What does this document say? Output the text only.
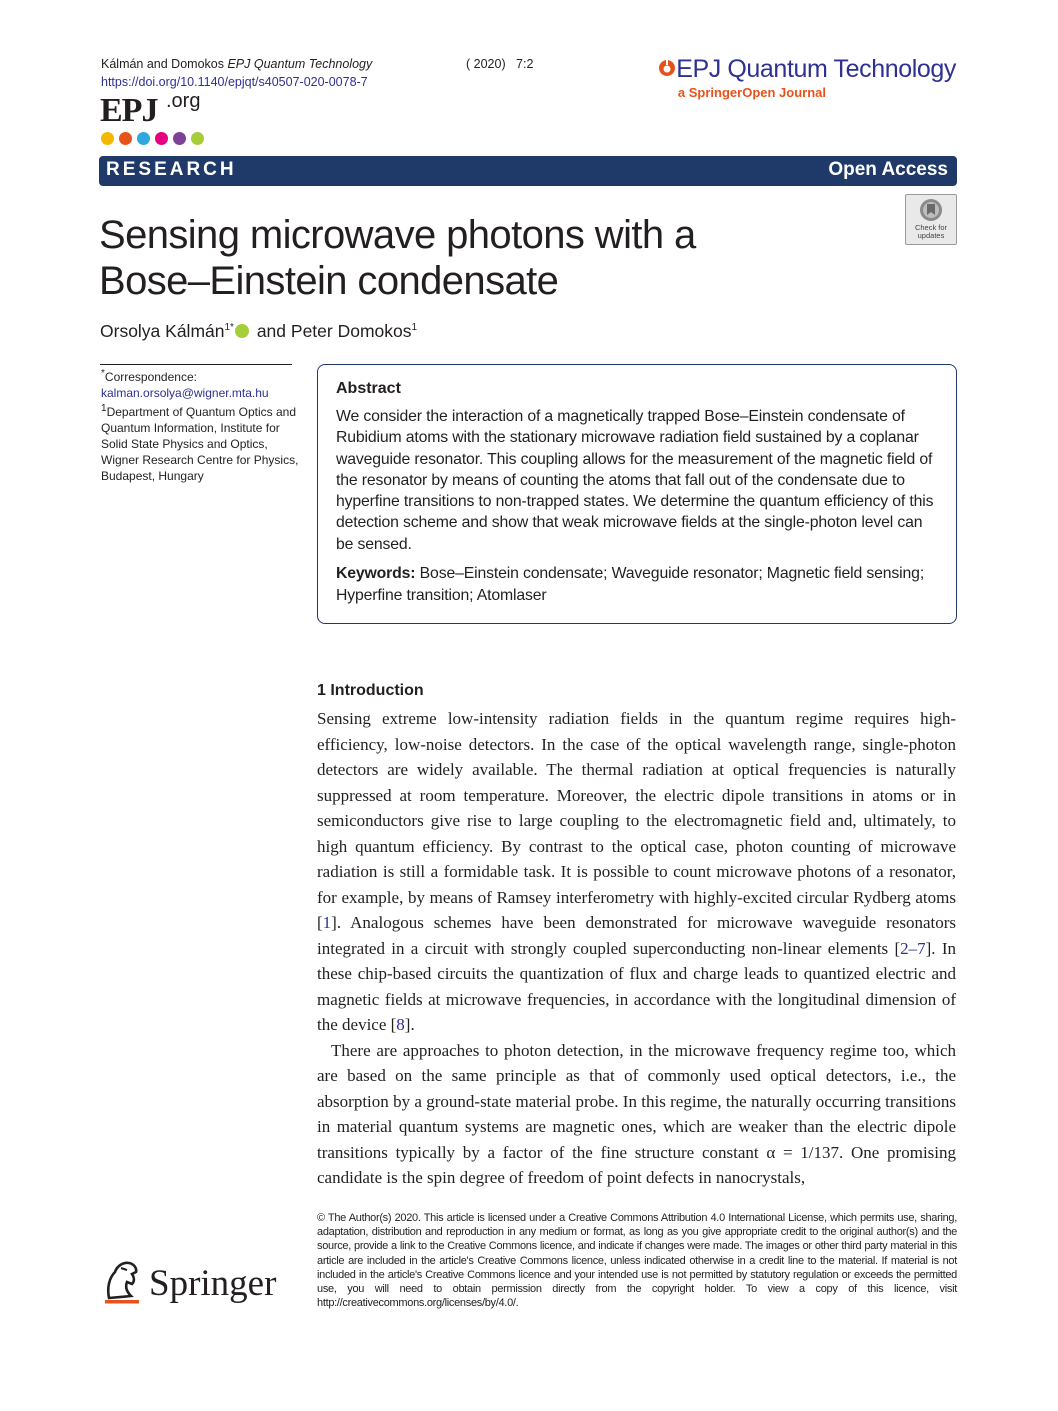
Kálmán and Domokos EPJ Quantum Technology	( 2020) 7:2
https://doi.org/10.1140/epjqt/s40507-020-0078-7
EPJ .org
EPJ Quantum Technology
a SpringerOpen Journal
RESEARCH	Open Access
Check for updates
Sensing microwave photons with a
Bose–Einstein condensate
Orsolya Kálmán$^{1*}$ and Peter Domokos$^1$
*Correspondence:
kalman.orsolya@wigner.mta.hu
$^1$Department of Quantum Optics and Quantum Information, Institute for Solid State Physics and Optics, Wigner Research Centre for Physics, Budapest, Hungary
Abstract
We consider the interaction of a magnetically trapped Bose–Einstein condensate of Rubidium atoms with the stationary microwave radiation field sustained by a coplanar waveguide resonator. This coupling allows for the measurement of the magnetic field of the resonator by means of counting the atoms that fall out of the condensate due to hyperfine transitions to non-trapped states. We determine the quantum efficiency of this detection scheme and show that weak microwave fields at the single-photon level can be sensed.
Keywords: Bose–Einstein condensate; Waveguide resonator; Magnetic field sensing; Hyperfine transition; Atomlaser
1 Introduction

Sensing extreme low-intensity radiation fields in the quantum regime requires high-efficiency, low-noise detectors. In the case of the optical wavelength range, single-photon detectors are widely available. The thermal radiation at optical frequencies is naturally suppressed at room temperature. Moreover, the electric dipole transitions in atoms or in semiconductors give rise to large coupling to the electromagnetic field and, ultimately, to high quantum efficiency. By contrast to the optical case, photon counting of microwave radiation is still a formidable task. It is possible to count microwave photons of a resonator, for example, by means of Ramsey interferometry with highly-excited circular Rydberg atoms [1]. Analogous schemes have been demonstrated for microwave waveguide resonators integrated in a circuit with strongly coupled superconducting non-linear elements [2–7]. In these chip-based circuits the quantization of flux and charge leads to quantized electric and magnetic fields at microwave frequencies, in accordance with the longitudinal dimension of the device [8].

There are approaches to photon detection, in the microwave frequency regime too, which are based on the same principle as that of commonly used optical detectors, i.e., the absorption by a ground-state material probe. In this regime, the naturally occurring transitions in material quantum systems are magnetic ones, which are weaker than the electric dipole transitions typically by a factor of the fine structure constant α = 1/137. One promising candidate is the spin degree of freedom of point defects in nanocrystals,

© The Author(s) 2020. This article is licensed under a Creative Commons Attribution 4.0 International License, which permits use, sharing, adaptation, distribution and reproduction in any medium or format, as long as you give appropriate credit to the original author(s) and the source, provide a link to the Creative Commons licence, and indicate if changes were made. The images or other third party material in this article are included in the article's Creative Commons licence, unless indicated otherwise in a credit line to the material. If material is not included in the article's Creative Commons licence and your intended use is not permitted by statutory regulation or exceeds the permitted use, you will need to obtain permission directly from the copyright holder. To view a copy of this licence, visit http://creativecommons.org/licenses/by/4.0/.
Springer
